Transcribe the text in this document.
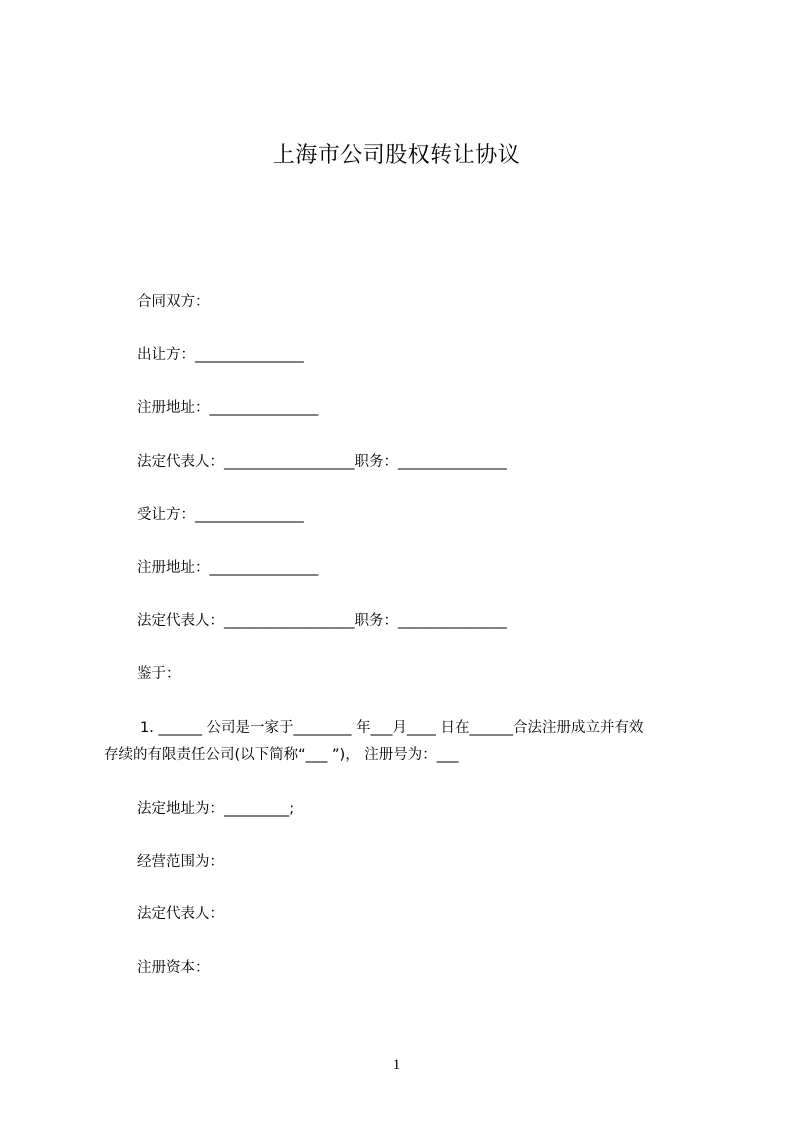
上海市公司股权转让协议
合同双方：
出让方：_______________
注册地址：_______________
法定代表人：__________________职务：_______________
受让方：_______________
注册地址：_______________
法定代表人：__________________职务：_______________
鉴于：
1. ______ 公司是一家于________ 年___月____ 日在______合法注册成立并有效
存续的有限责任公司(以下简称“___ ”)， 注册号为：___
法定地址为：_________;
经营范围为：
法定代表人：
注册资本：
1
